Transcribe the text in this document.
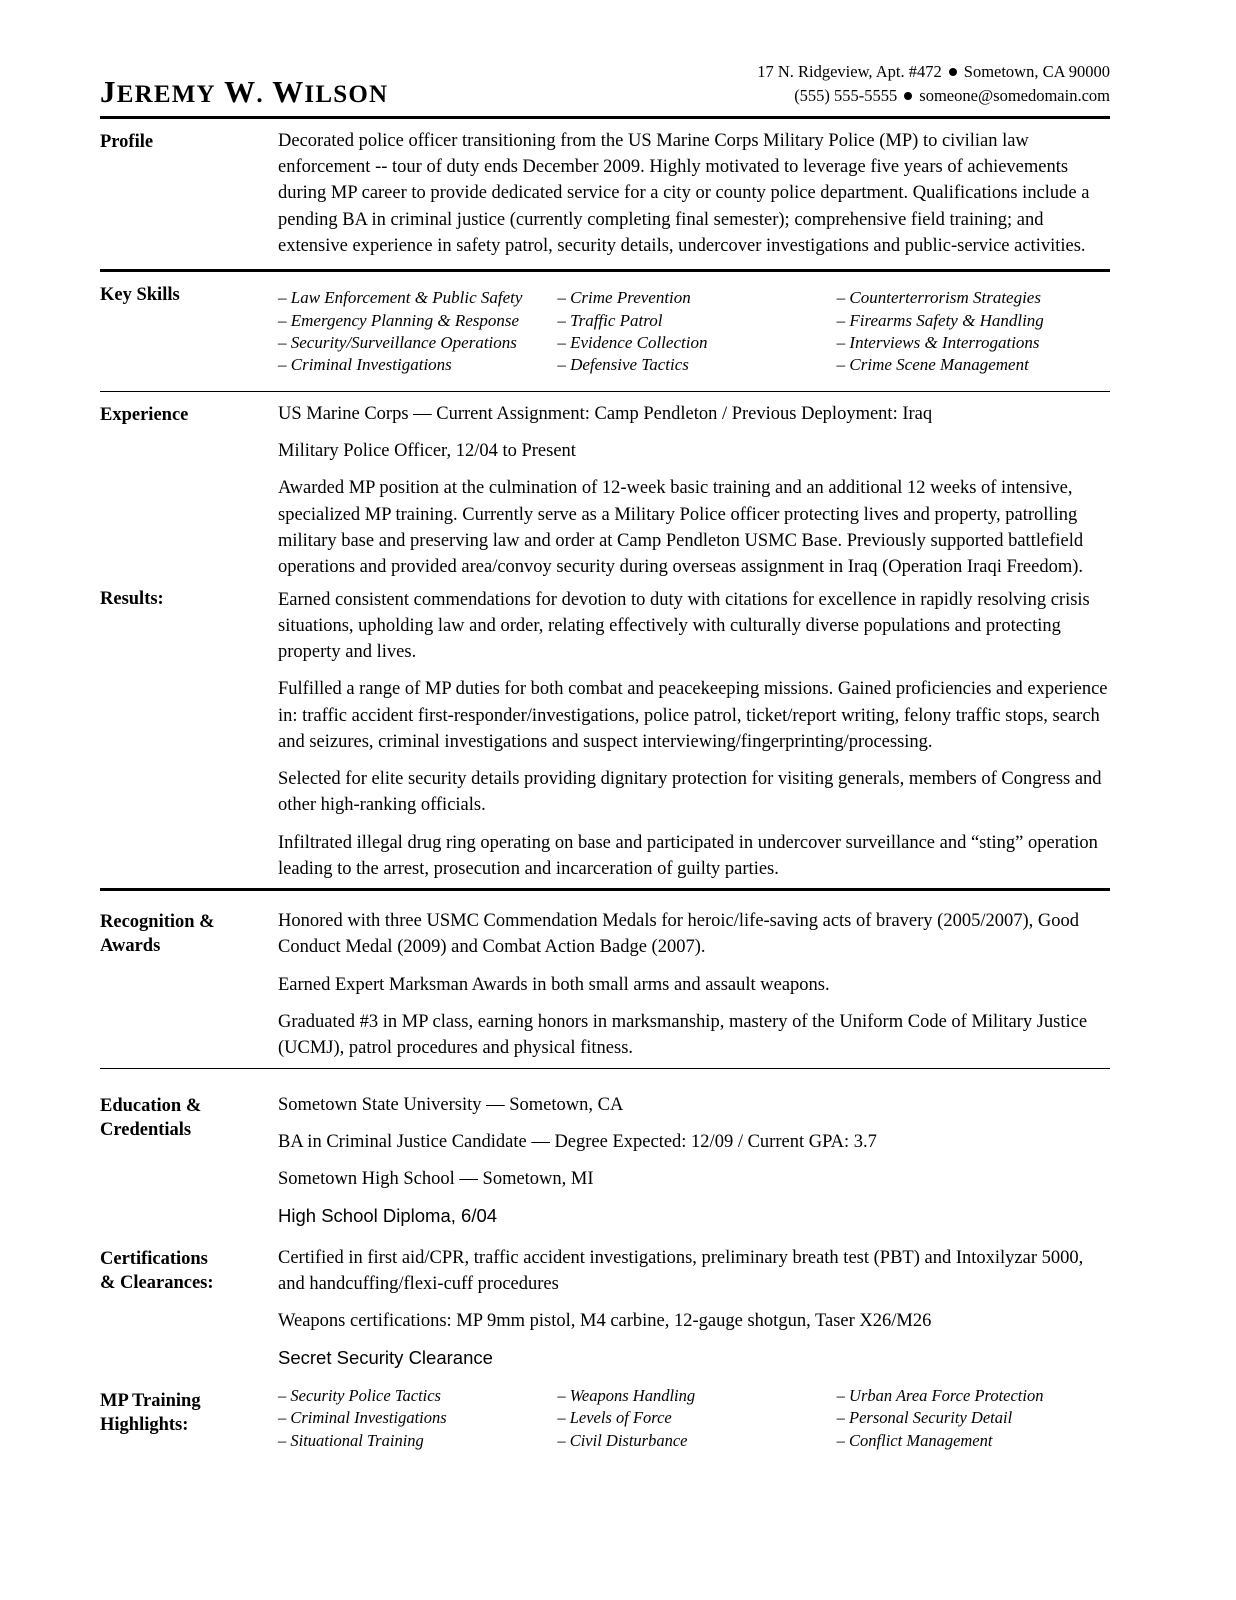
JEREMY W. WILSON
17 N. Ridgeview, Apt. #472 Sometown, CA 90000
(555) 555-5555 someone@somedomain.com
Profile	Decorated police officer transitioning from the US Marine Corps Military Police (MP) to civilian law enforcement -- tour of duty ends December 2009. Highly motivated to leverage five years of achievements during MP career to provide dedicated service for a city or county police department. Qualifications include a pending BA in criminal justice (currently completing final semester); comprehensive field training; and extensive experience in safety patrol, security details, undercover investigations and public-service activities.

Key Skills	– Law Enforcement & Public Safety	– Crime Prevention	– Counterterrorism Strategies
– Emergency Planning & Response	– Traffic Patrol	– Firearms Safety & Handling
– Security/Surveillance Operations	– Evidence Collection	– Interviews & Interrogations
– Criminal Investigations	– Defensive Tactics	– Crime Scene Management
Experience	US Marine Corps — Current Assignment: Camp Pendleton / Previous Deployment: Iraq

Military Police Officer, 12/04 to Present

Awarded MP position at the culmination of 12-week basic training and an additional 12 weeks of intensive, specialized MP training. Currently serve as a Military Police officer protecting lives and property, patrolling military base and preserving law and order at Camp Pendleton USMC Base. Previously supported battlefield operations and provided area/convoy security during overseas assignment in Iraq (Operation Iraqi Freedom).

Results:	Earned consistent commendations for devotion to duty with citations for excellence in rapidly resolving crisis situations, upholding law and order, relating effectively with culturally diverse populations and protecting property and lives.

Fulfilled a range of MP duties for both combat and peacekeeping missions. Gained proficiencies and experience in: traffic accident first-responder/investigations, police patrol, ticket/report writing, felony traffic stops, search and seizures, criminal investigations and suspect interviewing/fingerprinting/processing.

Selected for elite security details providing dignitary protection for visiting generals, members of Congress and other high-ranking officials.

Infiltrated illegal drug ring operating on base and participated in undercover surveillance and “sting” operation leading to the arrest, prosecution and incarceration of guilty parties.

Recognition &
Awards

Honored with three USMC Commendation Medals for heroic/life-saving acts of bravery (2005/2007), Good Conduct Medal (2009) and Combat Action Badge (2007).

Earned Expert Marksman Awards in both small arms and assault weapons.

Graduated #3 in MP class, earning honors in marksmanship, mastery of the Uniform Code of Military Justice (UCMJ), patrol procedures and physical fitness.

Education &
Credentials

Sometown State University — Sometown, CA

BA in Criminal Justice Candidate — Degree Expected: 12/09 / Current GPA: 3.7

Sometown High School — Sometown, MI

High School Diploma, 6/04

Certifications
& Clearances:

Certified in first aid/CPR, traffic accident investigations, preliminary breath test (PBT) and Intoxilyzar 5000, and handcuffing/flexi-cuff procedures

Weapons certifications: MP 9mm pistol, M4 carbine, 12-gauge shotgun, Taser X26/M26

Secret Security Clearance

MP Training
Highlights:
– Security Police Tactics	– Weapons Handling	– Urban Area Force Protection
– Criminal Investigations	– Levels of Force	– Personal Security Detail
– Situational Training	– Civil Disturbance	– Conflict Management
